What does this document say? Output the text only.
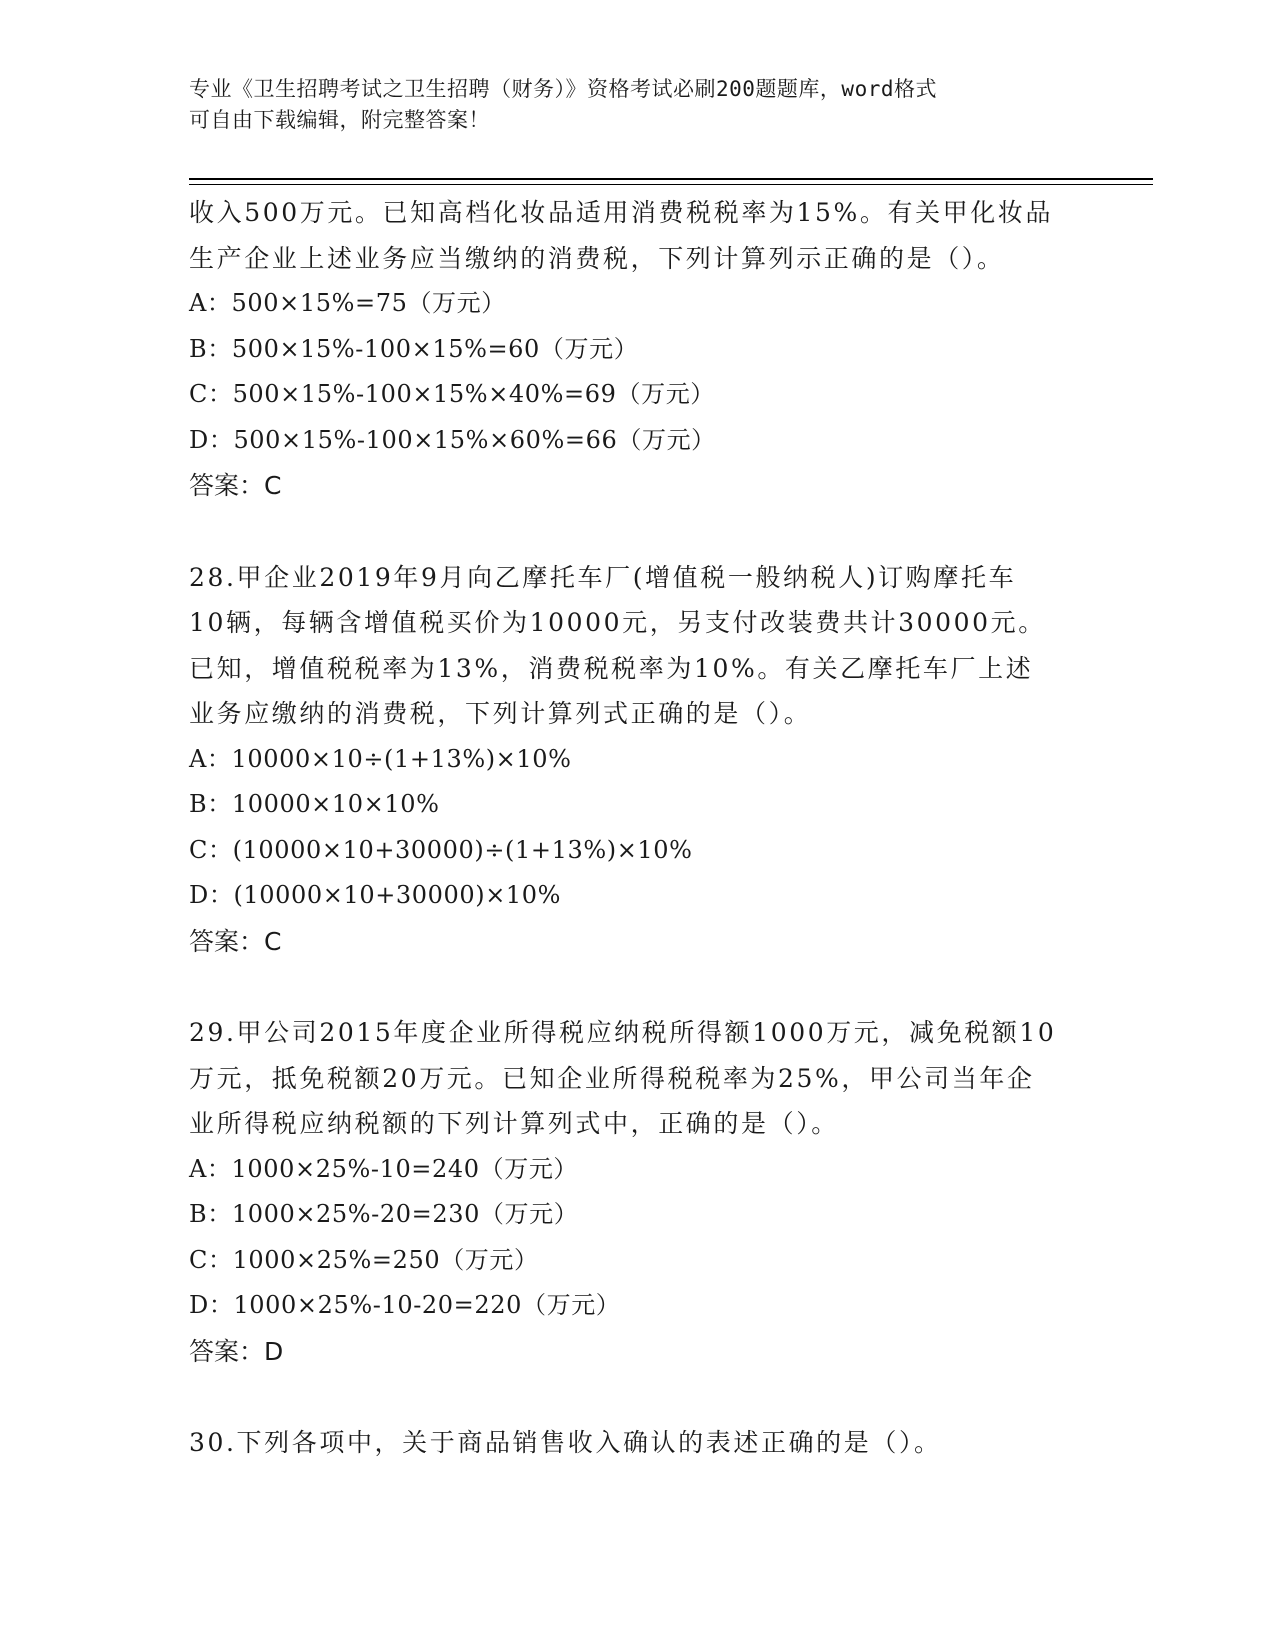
专业《卫生招聘考试之卫生招聘（财务）》资格考试必刷200题题库，word格式
可自由下载编辑，附完整答案！
收入500万元。已知高档化妆品适用消费税税率为15%。有关甲化妆品
生产企业上述业务应当缴纳的消费税，下列计算列示正确的是（）。
A：500×15%=75（万元）
B：500×15%-100×15%=60（万元）
C：500×15%-100×15%×40%=69（万元）
D：500×15%-100×15%×60%=66（万元）
答案：C
28.甲企业2019年9月向乙摩托车厂(增值税一般纳税人)订购摩托车
10辆，每辆含增值税买价为10000元，另支付改装费共计30000元。
已知，增值税税率为13%，消费税税率为10%。有关乙摩托车厂上述
业务应缴纳的消费税，下列计算列式正确的是（）。
A：10000×10÷(1+13%)×10%
B：10000×10×10%
C：(10000×10+30000)÷(1+13%)×10%
D：(10000×10+30000)×10%
答案：C
29.甲公司2015年度企业所得税应纳税所得额1000万元，减免税额10
万元，抵免税额20万元。已知企业所得税税率为25%，甲公司当年企
业所得税应纳税额的下列计算列式中，正确的是（）。
A：1000×25%-10=240（万元）
B：1000×25%-20=230（万元）
C：1000×25%=250（万元）
D：1000×25%-10-20=220（万元）
答案：D
30.下列各项中，关于商品销售收入确认的表述正确的是（）。
